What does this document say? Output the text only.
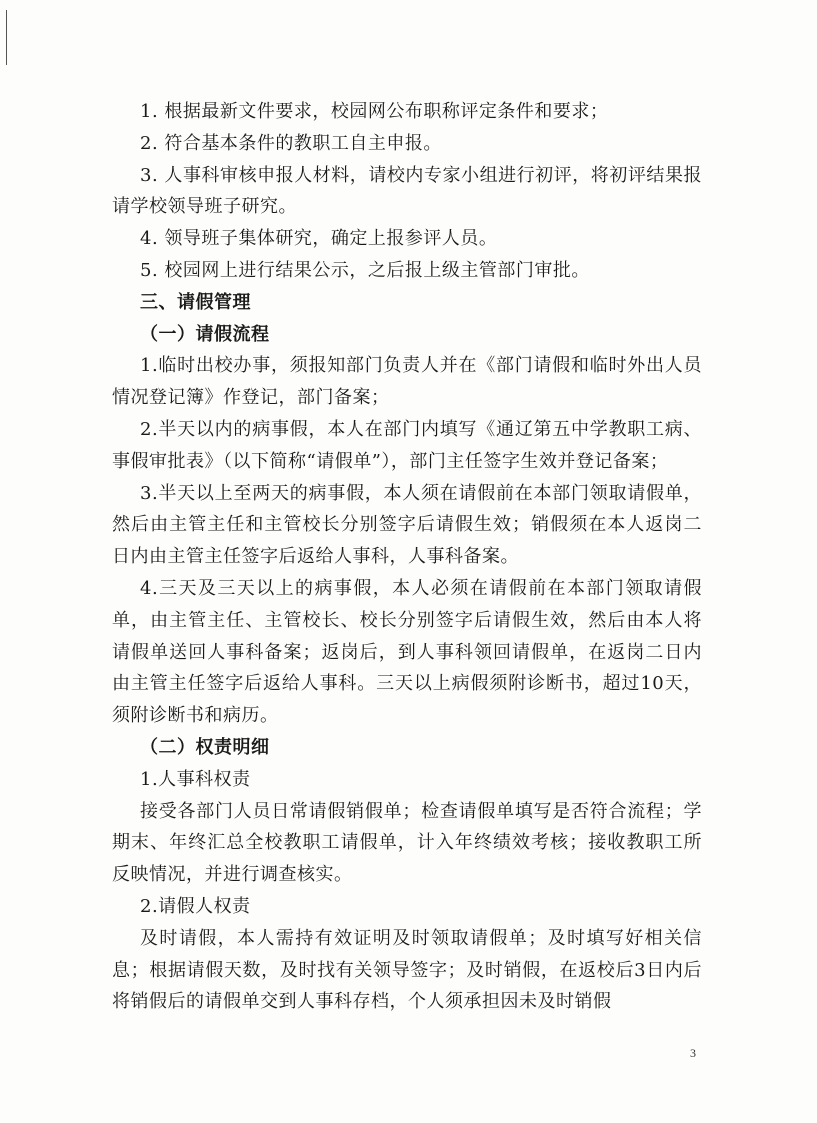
1. 根据最新文件要求，校园网公布职称评定条件和要求；

2. 符合基本条件的教职工自主申报。

3. 人事科审核申报人材料，请校内专家小组进行初评，将初评结果报请学校领导班子研究。

4. 领导班子集体研究，确定上报参评人员。

5. 校园网上进行结果公示，之后报上级主管部门审批。

三、请假管理

（一）请假流程

1.临时出校办事，须报知部门负责人并在《部门请假和临时外出人员情况登记簿》作登记，部门备案；

2.半天以内的病事假，本人在部门内填写《通辽第五中学教职工病、事假审批表》（以下简称“请假单”），部门主任签字生效并登记备案；

3.半天以上至两天的病事假，本人须在请假前在本部门领取请假单，然后由主管主任和主管校长分别签字后请假生效；销假须在本人返岗二日内由主管主任签字后返给人事科，人事科备案。

4.三天及三天以上的病事假，本人必须在请假前在本部门领取请假单，由主管主任、主管校长、校长分别签字后请假生效，然后由本人将请假单送回人事科备案；返岗后，到人事科领回请假单，在返岗二日内由主管主任签字后返给人事科。三天以上病假须附诊断书，超过10天，须附诊断书和病历。

（二）权责明细

1.人事科权责

接受各部门人员日常请假销假单；检查请假单填写是否符合流程；学期末、年终汇总全校教职工请假单，计入年终绩效考核；接收教职工所反映情况，并进行调查核实。

2.请假人权责

及时请假，本人需持有效证明及时领取请假单；及时填写好相关信息；根据请假天数，及时找有关领导签字；及时销假，在返校后3日内后将销假后的请假单交到人事科存档，个人须承担因未及时销假

3
